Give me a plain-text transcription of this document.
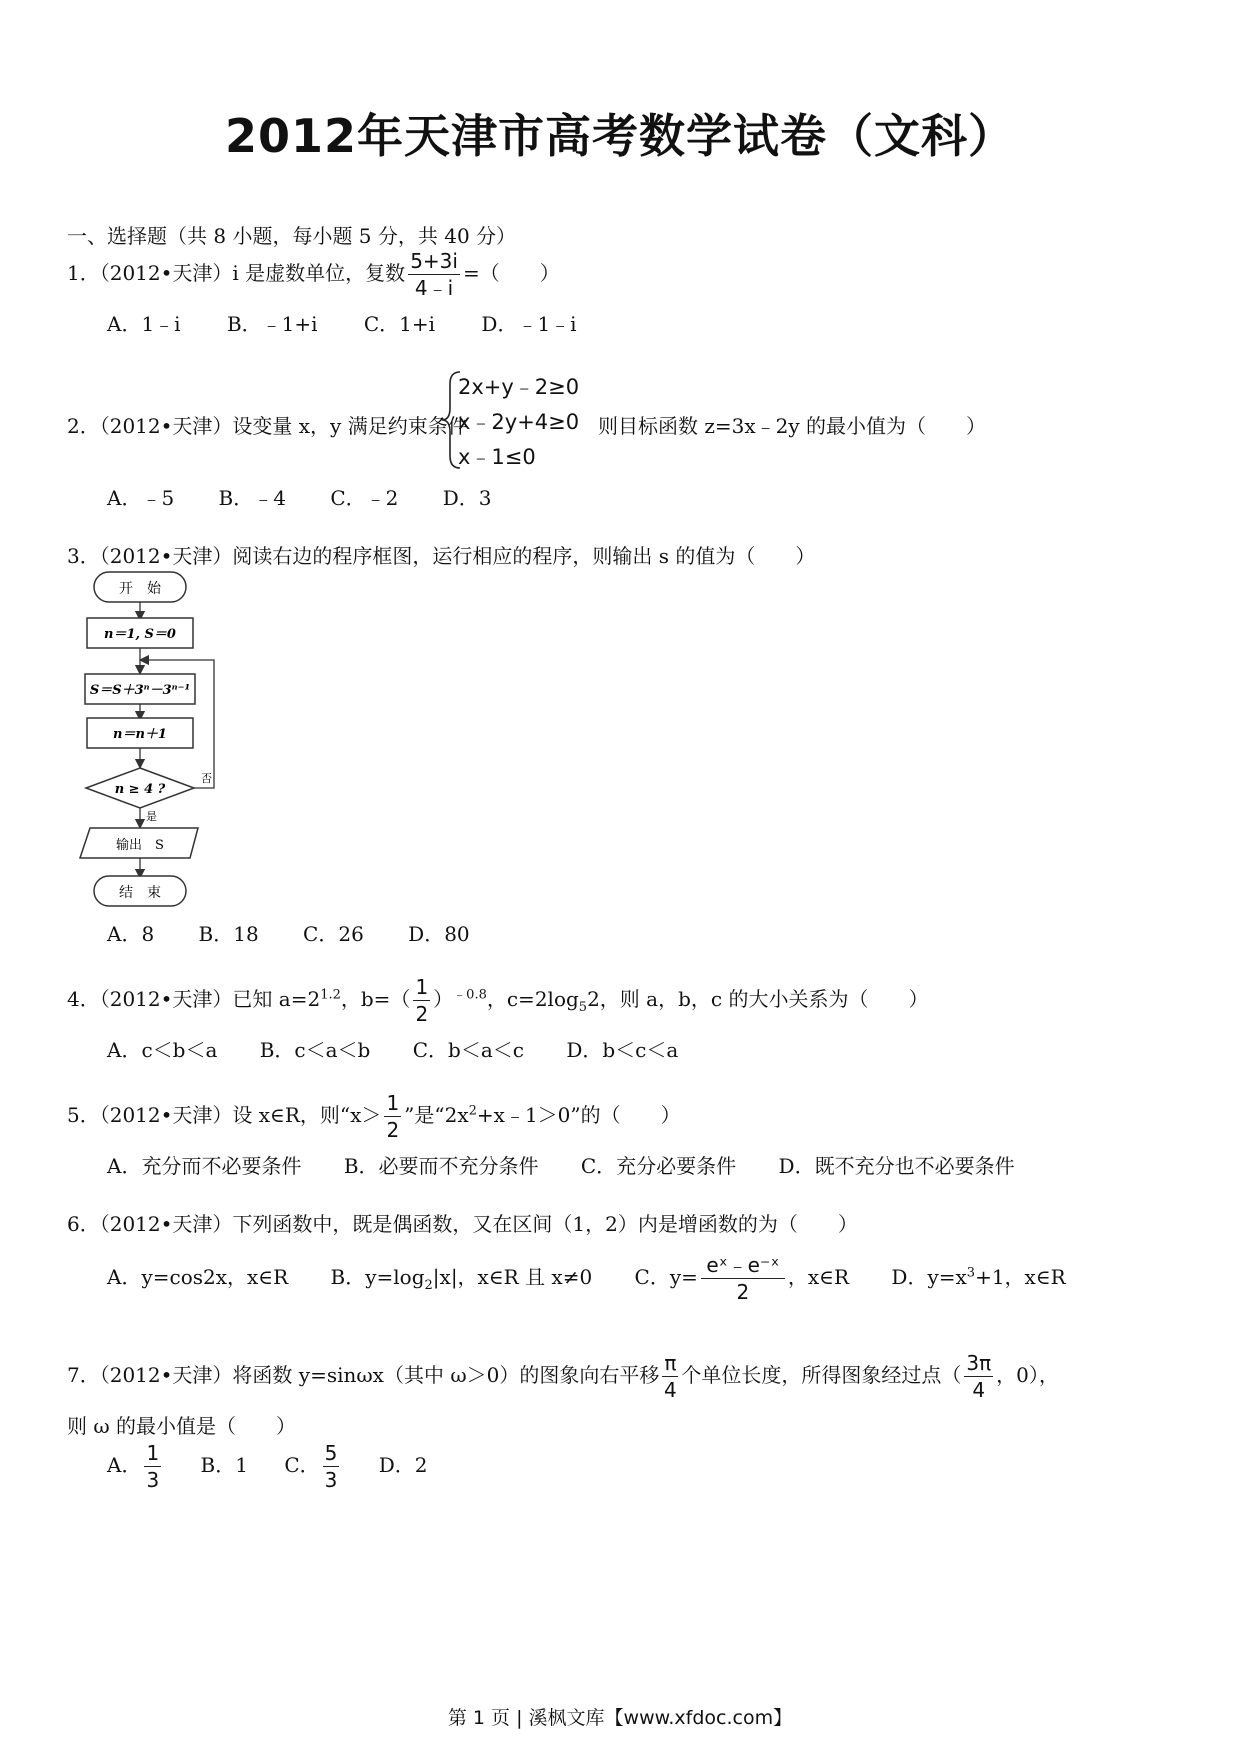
2012年天津市高考数学试卷（文科）
一、选择题（共 8 小题，每小题 5 分，共 40 分）
1．（2012•天津）i 是虚数单位，复数 $\frac{5+3i}{4﹣i}$ =（　　）
A．1﹣i B．﹣1+i C．1+i D．﹣1﹣i
2．（2012•天津）设变量 x，y 满足约束条件
2x+y﹣2≥0
x﹣2y+4≥0
x﹣1≤0
则目标函数 z=3x﹣2y 的最小值为（　　）
A．﹣5 B．﹣4 C．﹣2 D．3
3．（2012•天津）阅读右边的程序框图，运行相应的程序，则输出 s 的值为（　　）
开　始
n＝1, S＝0
S＝S＋3ⁿ－3ⁿ⁻¹
n＝n＋1
n ≥ 4 ?
否
是
输出　S
结　束
A．8 B．18 C．26 D．80
4．（2012•天津）已知 $a=2^{1.2}$，$b=( \frac{1}{2} )^{﹣0.8}$，$c=2\log_52$，则 a，b，c 的大小关系为（　　）
A．c＜b＜a B．c＜a＜b C．b＜a＜c D．b＜c＜a
5．（2012•天津）设 x∈R，则“$x> \frac{1}{2}$ ”是“$2x^2+x﹣1>0$”的（　　）
A．充分而不必要条件 B．必要而不充分条件 C．充分必要条件 D．既不充分也不必要条件
6．（2012•天津）下列函数中，既是偶函数，又在区间（1，2）内是增函数的为（　　）
A．y=cos2x，x∈R B．$y=\log_2|x|$，x∈R 且 x≠0 C．$y= \frac{\text{eˣ﹣e⁻ˣ}}{2}$ ，x∈R D．$y=x^3+1$，x∈R
7．（2012•天津）将函数 y=sinωx（其中 ω＞0）的图象向右平移 $\frac{\pi}{4}$ 个单位长度，所得图象经过点（ $\frac{3\pi}{4}$ ，0），
则 ω 的最小值是（　　）
A． $\frac{1}{3}$ B．1 C． $\frac{5}{3}$ D．2
第 1 页 | 溪枫文库【www.xfdoc.com】
